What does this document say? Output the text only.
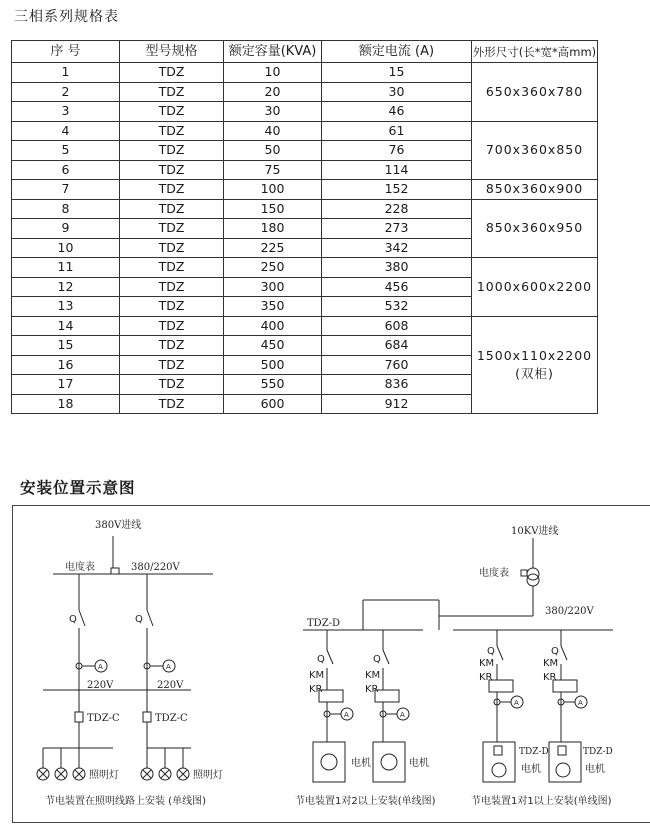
三相系列规格表
序 号	型号规格	额定容量(KVA)	额定电流 (A)	外形尺寸(长*宽*高mm)
1	TDZ	10	15	650x360x780

2	TDZ	20	30	
3	TDZ	30	46	
4	TDZ	40	61	700x360x850

5	TDZ	50	76	
6	TDZ	75	114	
7	TDZ	100	152	850x360x900

8	TDZ	150	228	850x360x950

9	TDZ	180	273	
10	TDZ	225	342	
11	TDZ	250	380	1000x600x2200

12	TDZ	300	456	
13	TDZ	350	532	
14	TDZ	400	608	1500x110x2200
(双柜)

15	TDZ	450	684	
16	TDZ	500	760	
17	TDZ	550	836	
18	TDZ	600	912	
安装位置示意图
380V进线
电度表	380/220V
Q	Q
A	A
220V	220V
TDZ-C	TDZ-C
照明灯	照明灯
节电装置在照明线路上安装 (单线图)
TDZ-D
Q	Q
KM	KM
KR	KR
A	A
电机	电机
节电装置1对2以上安装(单线图)
10KV进线
电度表
380/220V
Q	Q
KM	KM
KR	KR
A	A
TDZ-D	TDZ-D
电机	电机
节电装置1对1以上安装(单线图)
